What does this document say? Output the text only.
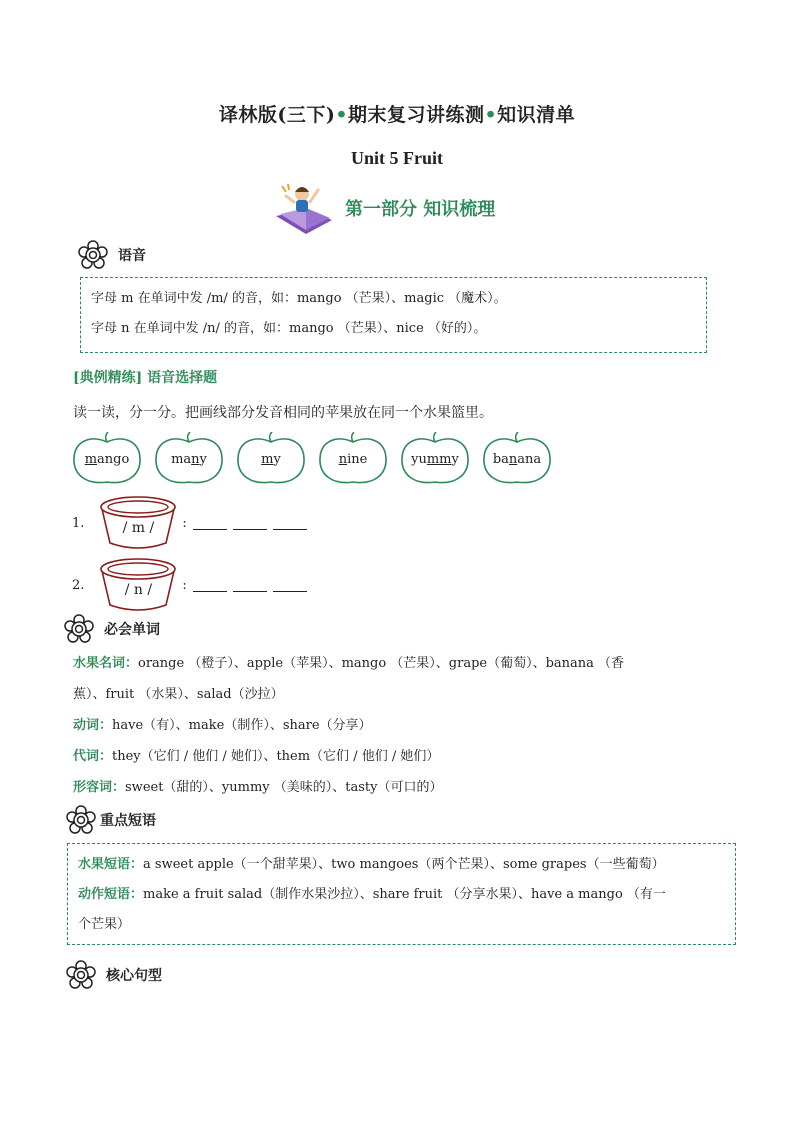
译林版(三下)•期末复习讲练测•知识清单
Unit 5 Fruit
第一部分 知识梳理
语音
字母 m 在单词中发 /m/ 的音，如：mango （芒果）、magic （魔术）。
字母 n 在单词中发 /n/ 的音，如：mango （芒果）、nice （好的）。
[典例精练] 语音选择题
读一读，分一分。把画线部分发音相同的苹果放在同一个水果篮里。
mango	many	my	nine	yummy	banana
1.	/ m /	:
2.	/ n /	:
必会单词
水果名词：orange （橙子）、apple（苹果）、mango （芒果）、grape（葡萄）、banana （香
蕉）、fruit （水果）、salad（沙拉）
动词：have（有）、make（制作）、share（分享）
代词：they（它们 / 他们 / 她们）、them（它们 / 他们 / 她们）
形容词：sweet（甜的）、yummy （美味的）、tasty（可口的）
重点短语
水果短语：a sweet apple（一个甜苹果）、two mangoes（两个芒果）、some grapes（一些葡萄）
动作短语：make a fruit salad（制作水果沙拉）、share fruit （分享水果）、have a mango （有一
个芒果）
核心句型
